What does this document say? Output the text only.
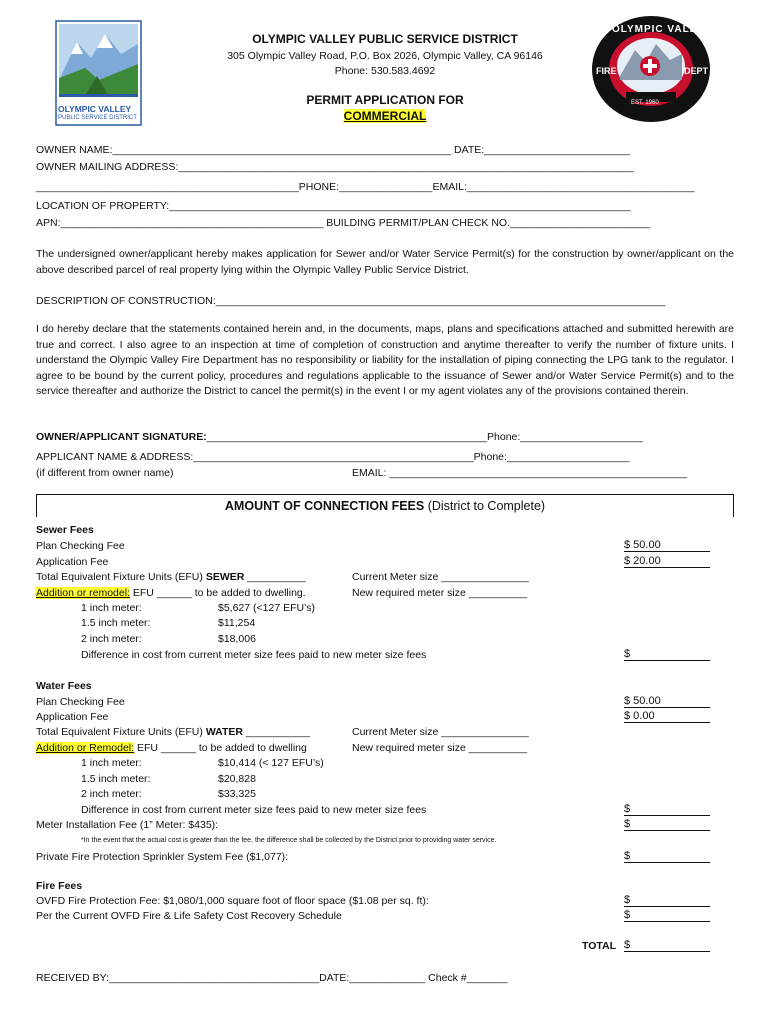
OLYMPIC VALLEY
PUBLIC SERVICE DISTRICT
OLYMPIC VALLEY
FIRE	DEPT
EST. 1960
OLYMPIC VALLEY PUBLIC SERVICE DISTRICT
305 Olympic Valley Road, P.O. Box 2026, Olympic Valley, CA 96146
Phone: 530.583.4692
PERMIT APPLICATION FOR
COMMERCIAL
OWNER NAME:__________________________________________________________ DATE:_________________________
OWNER MAILING ADDRESS:______________________________________________________________________________
_____________________________________________PHONE:________________EMAIL:_______________________________________
LOCATION OF PROPERTY:_______________________________________________________________________________
APN:_____________________________________________ BUILDING PERMIT/PLAN CHECK NO.________________________
The undersigned owner/applicant hereby makes application for Sewer and/or Water Service Permit(s) for the construction by owner/applicant on the above described parcel of real property lying within the Olympic Valley Public Service District.
DESCRIPTION OF CONSTRUCTION:_____________________________________________________________________________
I do hereby declare that the statements contained herein and, in the documents, maps, plans and specifications attached and submitted herewith are true and correct. I also agree to an inspection at time of completion of construction and anytime thereafter to verify the number of fixture units. I understand the Olympic Valley Fire Department has no responsibility or liability for the installation of piping connecting the LPG tank to the regulator. I agree to be bound by the current policy, procedures and regulations applicable to the issuance of Sewer and/or Water Service Permit(s) and to the service thereafter and authorize the District to cancel the permit(s) in the event I or my agent violates any of the provisions contained therein.
OWNER/APPLICANT SIGNATURE:________________________________________________Phone:_____________________
APPLICANT NAME & ADDRESS:________________________________________________Phone:_____________________
(if different from owner name)	EMAIL: ___________________________________________________
AMOUNT OF CONNECTION FEES (District to Complete)
Sewer Fees
Plan Checking Fee	$ 50.00
Application Fee	$ 20.00
Total Equivalent Fixture Units (EFU) SEWER __________	Current Meter size _______________
Addition or remodel: EFU ______ to be added to dwelling.	New required meter size __________
1 inch meter:	$5,627 (<127 EFU’s)
1.5 inch meter:	$11,254
2 inch meter:	$18,006
Difference in cost from current meter size fees paid to new meter size fees	$
Water Fees
Plan Checking Fee	$ 50.00
Application Fee	$ 0.00
Total Equivalent Fixture Units (EFU) WATER ___________	Current Meter size _______________
Addition or Remodel: EFU ______ to be added to dwelling	New required meter size __________
1 inch meter:	$10,414 (< 127 EFU’s)
1.5 inch meter:	$20,828
2 inch meter:	$33,325
Difference in cost from current meter size fees paid to new meter size fees	$
Meter Installation Fee (1” Meter: $435):	$
*In the event that the actual cost is greater than the fee, the difference shall be collected by the District prior to providing water service.
Private Fire Protection Sprinkler System Fee ($1,077):	$
Fire Fees
OVFD Fire Protection Fee: $1,080/1,000 square foot of floor space ($1.08 per sq. ft):	$
Per the Current OVFD Fire & Life Safety Cost Recovery Schedule	$
TOTAL $
RECEIVED BY:____________________________________DATE:_____________ Check #_______
